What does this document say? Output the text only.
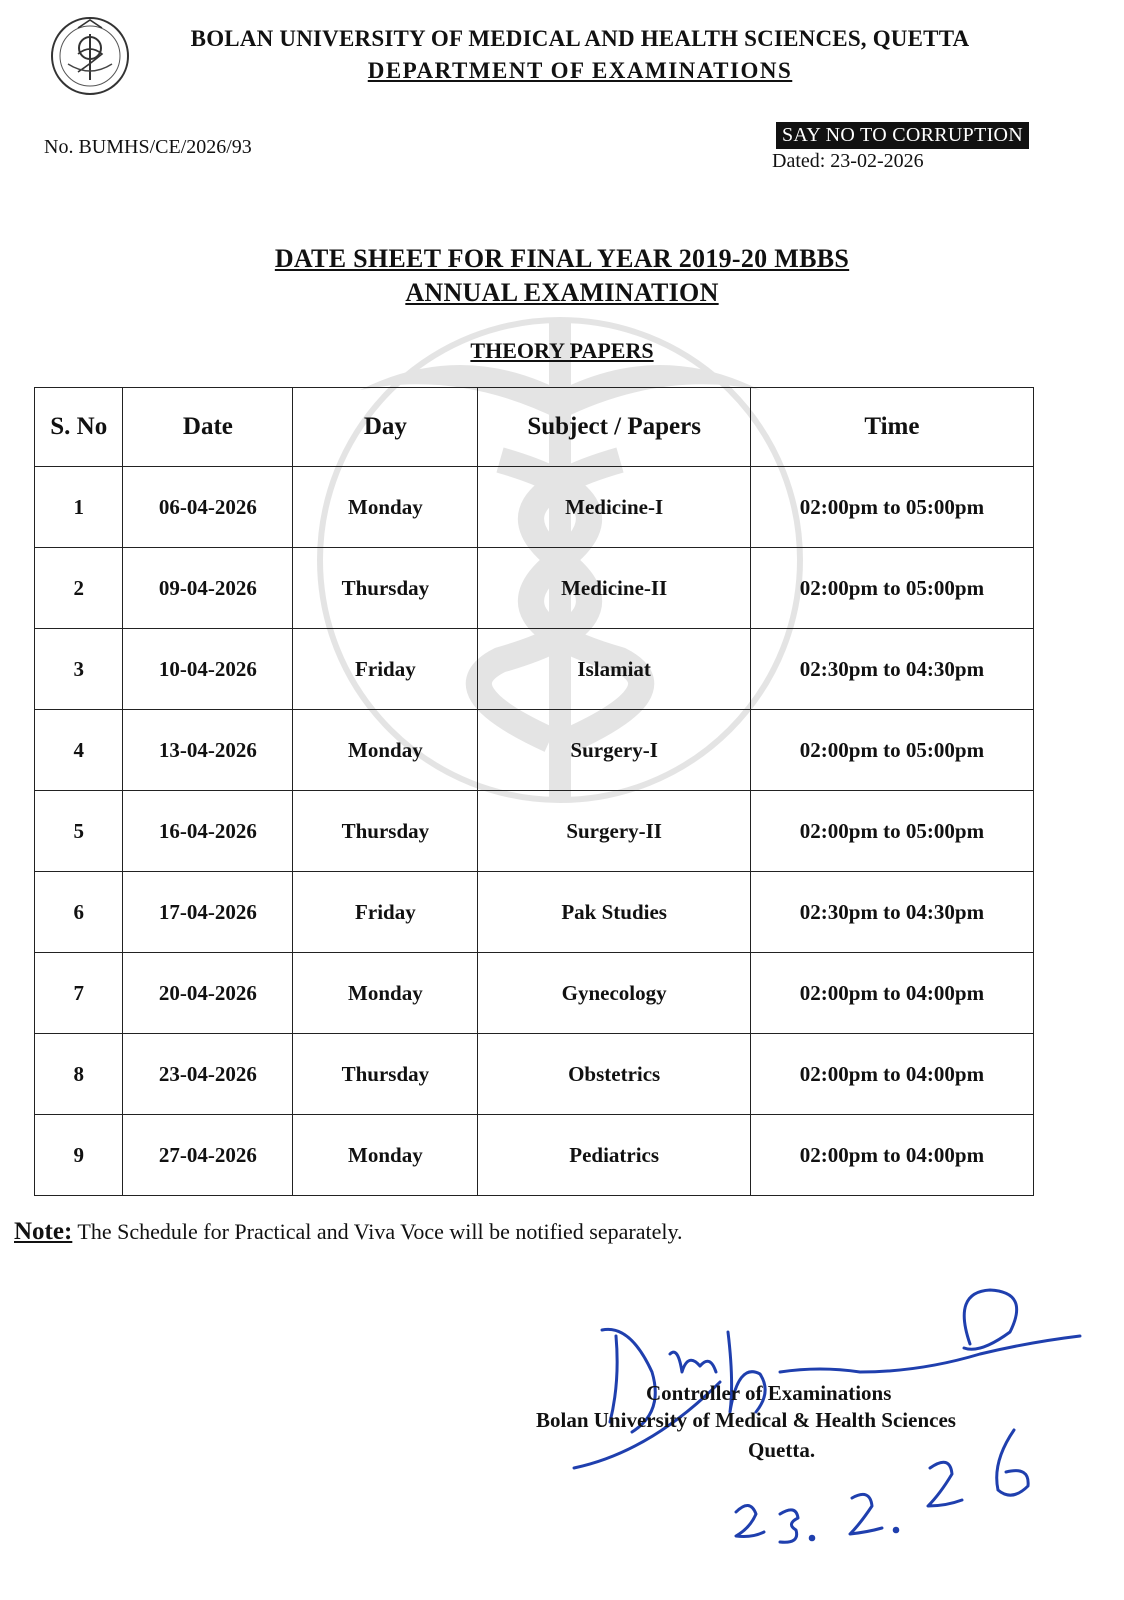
BOLAN UNIVERSITY OF MEDICAL AND HEALTH SCIENCES, QUETTA
DEPARTMENT OF EXAMINATIONS
No. BUMHS/CE/2026/93
SAY NO TO CORRUPTION
Dated: 23-02-2026
DATE SHEET FOR FINAL YEAR 2019-20 MBBS
ANNUAL EXAMINATION
THEORY PAPERS
S. No	Date	Day	Subject / Papers	Time
1	06-04-2026	Monday	Medicine-I	02:00pm to 05:00pm
2	09-04-2026	Thursday	Medicine-II	02:00pm to 05:00pm
3	10-04-2026	Friday	Islamiat	02:30pm to 04:30pm
4	13-04-2026	Monday	Surgery-I	02:00pm to 05:00pm
5	16-04-2026	Thursday	Surgery-II	02:00pm to 05:00pm
6	17-04-2026	Friday	Pak Studies	02:30pm to 04:30pm
7	20-04-2026	Monday	Gynecology	02:00pm to 04:00pm
8	23-04-2026	Thursday	Obstetrics	02:00pm to 04:00pm
9	27-04-2026	Monday	Pediatrics	02:00pm to 04:00pm
Note: The Schedule for Practical and Viva Voce will be notified separately.
Controller of Examinations
Bolan University of Medical & Health Sciences
Quetta.
